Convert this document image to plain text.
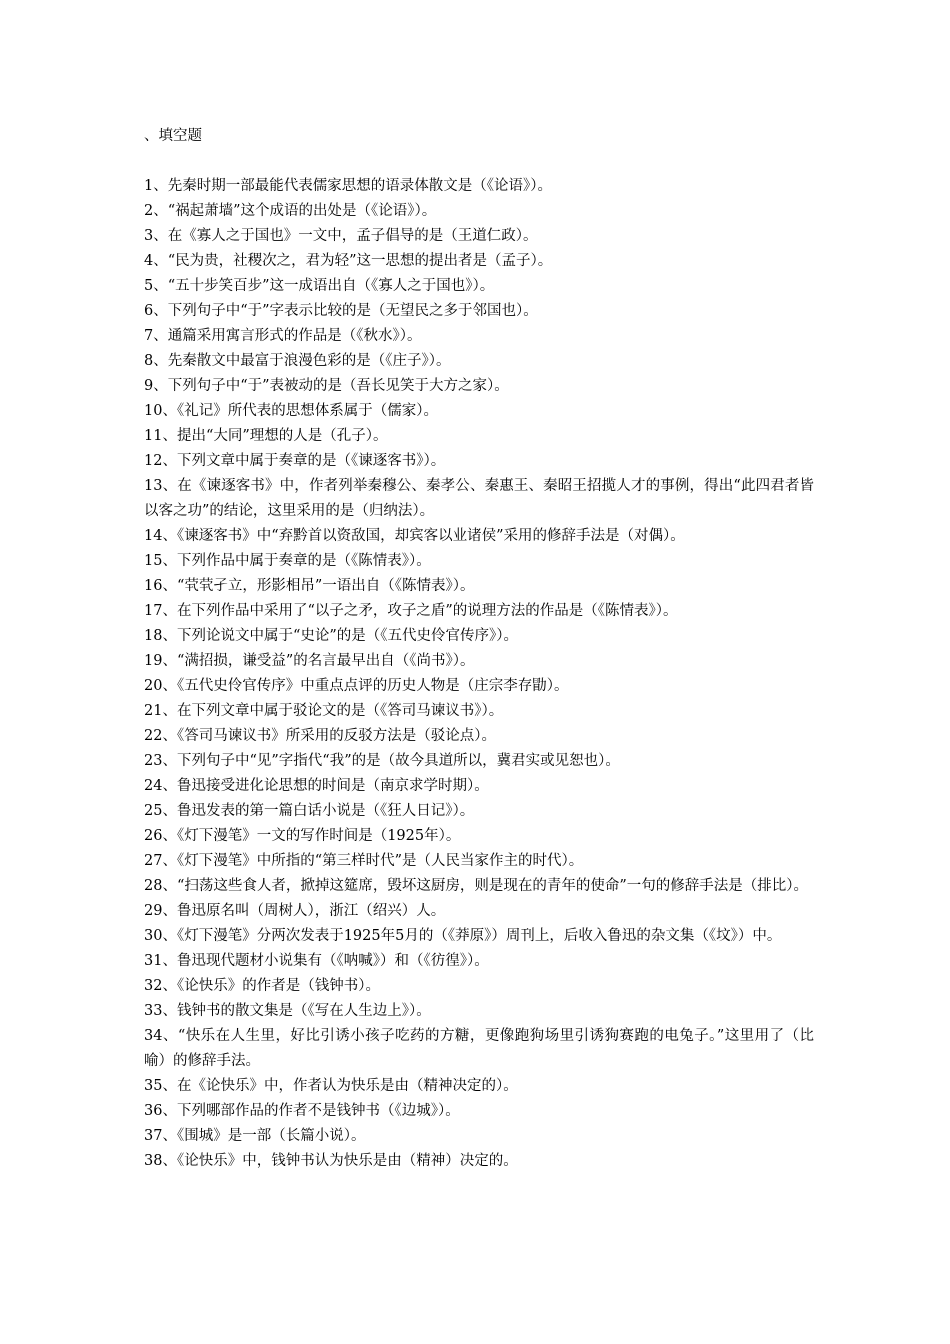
、填空题
1、先秦时期一部最能代表儒家思想的语录体散文是（《论语》）。
2、“祸起萧墙”这个成语的出处是（《论语》）。
3、在《寡人之于国也》一文中，孟子倡导的是（王道仁政）。
4、“民为贵，社稷次之，君为轻”这一思想的提出者是（孟子）。
5、“五十步笑百步”这一成语出自（《寡人之于国也》）。
6、下列句子中“于”字表示比较的是（无望民之多于邻国也）。
7、通篇采用寓言形式的作品是（《秋水》）。
8、先秦散文中最富于浪漫色彩的是（《庄子》）。
9、下列句子中“于”表被动的是（吾长见笑于大方之家）。
10、《礼记》所代表的思想体系属于（儒家）。
11、提出“大同”理想的人是（孔子）。
12、下列文章中属于奏章的是（《谏逐客书》）。
13、在《谏逐客书》中，作者列举秦穆公、秦孝公、秦惠王、秦昭王招揽人才的事例，得出“此四君者皆以客之功”的结论，这里采用的是（归纳法）。
14、《谏逐客书》中“弃黔首以资敌国，却宾客以业诸侯”采用的修辞手法是（对偶）。
15、下列作品中属于奏章的是（《陈情表》）。
16、“茕茕孑立，形影相吊”一语出自（《陈情表》）。
17、在下列作品中采用了“以子之矛，攻子之盾”的说理方法的作品是（《陈情表》）。
18、下列论说文中属于“史论”的是（《五代史伶官传序》）。
19、“满招损，谦受益”的名言最早出自（《尚书》）。
20、《五代史伶官传序》中重点点评的历史人物是（庄宗李存勖）。
21、在下列文章中属于驳论文的是（《答司马谏议书》）。
22、《答司马谏议书》所采用的反驳方法是（驳论点）。
23、下列句子中“见”字指代“我”的是（故今具道所以，冀君实或见恕也）。
24、鲁迅接受进化论思想的时间是（南京求学时期）。
25、鲁迅发表的第一篇白话小说是（《狂人日记》）。
26、《灯下漫笔》一文的写作时间是（1925年）。
27、《灯下漫笔》中所指的“第三样时代”是（人民当家作主的时代）。
28、“扫荡这些食人者，掀掉这筵席，毁坏这厨房，则是现在的青年的使命”一句的修辞手法是（排比）。
29、鲁迅原名叫（周树人），浙江（绍兴）人。
30、《灯下漫笔》分两次发表于1925年5月的（《莽原》）周刊上，后收入鲁迅的杂文集（《坟》）中。
31、鲁迅现代题材小说集有（《呐喊》）和（《彷徨》）。
32、《论快乐》的作者是（钱钟书）。
33、钱钟书的散文集是（《写在人生边上》）。
34、“快乐在人生里，好比引诱小孩子吃药的方糖，更像跑狗场里引诱狗赛跑的电兔子。”这里用了（比喻）的修辞手法。
35、在《论快乐》中，作者认为快乐是由（精神决定的）。
36、下列哪部作品的作者不是钱钟书（《边城》）。
37、《围城》是一部（长篇小说）。
38、《论快乐》中，钱钟书认为快乐是由（精神）决定的。
